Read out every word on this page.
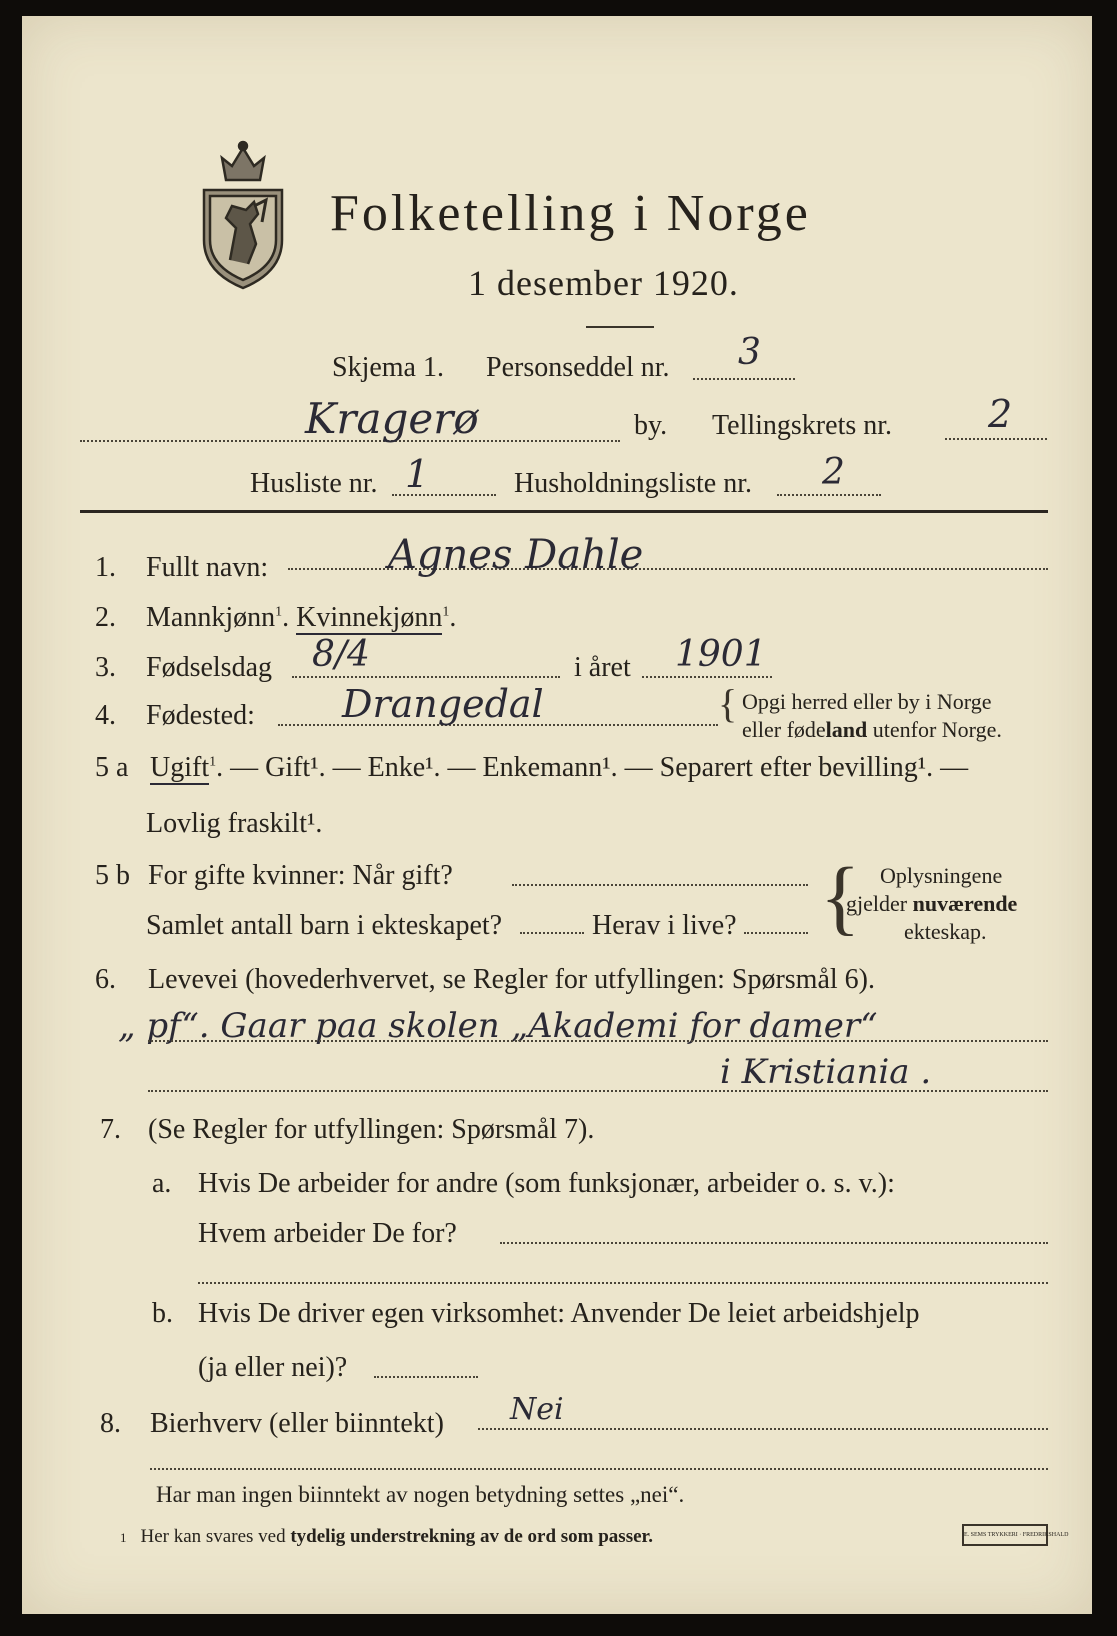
Folketelling i Norge
1 desember 1920.
Skjema 1. Personseddel nr. 3
Kragerø	by. Tellingskrets nr.	2
Husliste nr. 1	Husholdningsliste nr. 2
1. Fullt navn:	Agnes Dahle
2. Mannkjønn$^1$. Kvinnekjønn$^1$.
3. Fødselsdag 8/4	i året 1901
4. Fødested: Drangedal	{ Opgi herred eller by i Norge
eller fødeland utenfor Norge.
5 a Ugift$^1$. — Gift¹. — Enke¹. — Enkemann¹. — Separert efter bevilling¹. —
Lovlig fraskilt¹.
5 b For gifte kvinner: Når gift?
Samlet antall barn i ekteskapet?	Herav i live? { Oplysningene
gjelder nuværende
ekteskap.
6. Levevei (hovederhvervet, se Regler for utfyllingen: Spørsmål 6).
„ pf“. Gaar paa skolen „Akademi for damer“
i Kristiania .
7. (Se Regler for utfyllingen: Spørsmål 7).
a. Hvis De arbeider for andre (som funksjonær, arbeider o. s. v.):
Hvem arbeider De for?
b. Hvis De driver egen virksomhet: Anvender De leiet arbeidshjelp
(ja eller nei)?
8. Bierhverv (eller biinntekt) Nei
Har man ingen biinntekt av nogen betydning settes „nei“.
1 Her kan svares ved tydelig understrekning av de ord som passer.	E. SEMS TRYKKERI · FREDRIKSHALD
